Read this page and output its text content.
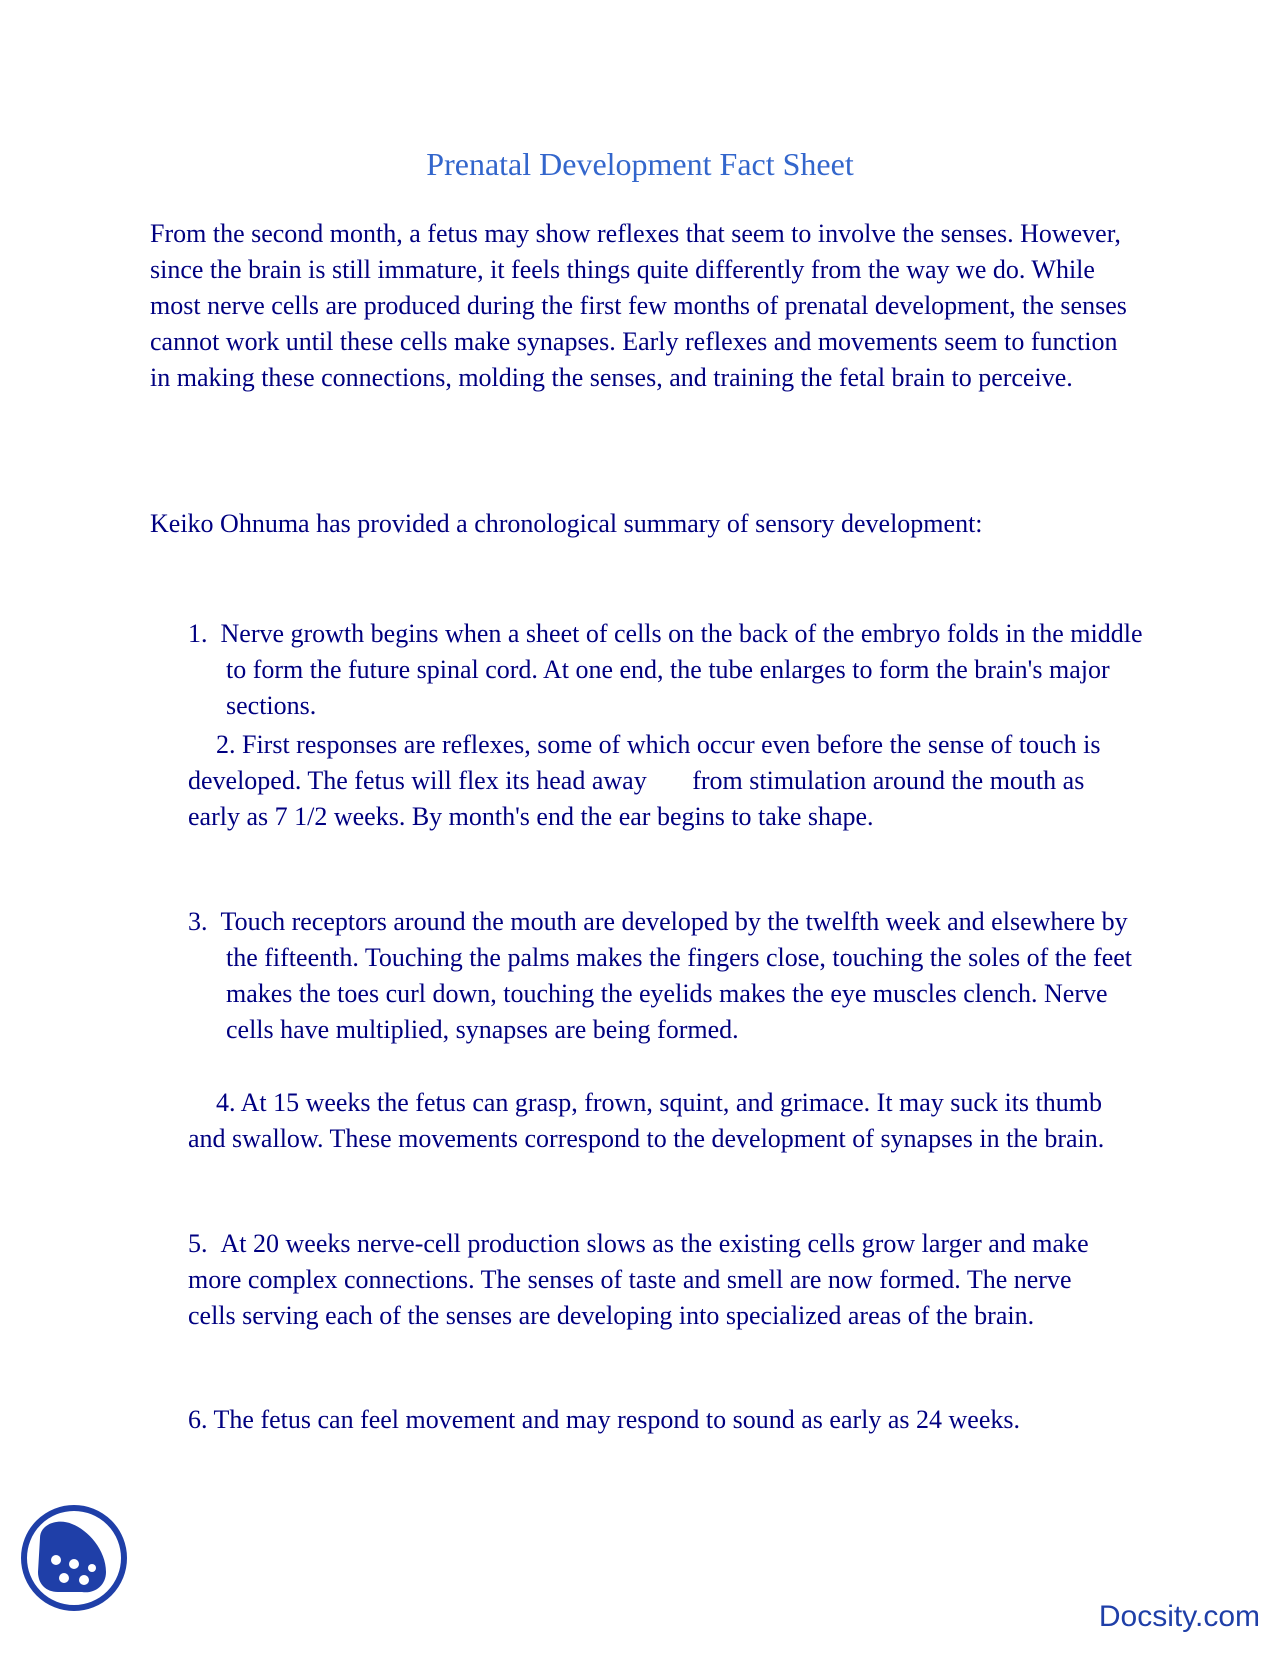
Prenatal Development Fact Sheet

From the second month, a fetus may show reflexes that seem to involve the senses. However, since the brain is still immature, it feels things quite differently from the way we do. While most nerve cells are produced during the first few months of prenatal development, the senses cannot work until these cells make synapses. Early reflexes and movements seem to function in making these connections, molding the senses, and training the fetal brain to perceive.

Keiko Ohnuma has provided a chronological summary of sensory development:

1.  Nerve growth begins when a sheet of cells on the back of the embryo folds in the middle to form the future spinal cord. At one end, the tube enlarges to form the brain's major sections.

2. First responses are reflexes, some of which occur even before the sense of touch is developed. The fetus will flex its head away       from stimulation around the mouth as early as 7 1/2 weeks. By month's end the ear begins to take shape.

3.  Touch receptors around the mouth are developed by the twelfth week and elsewhere by the fifteenth. Touching the palms makes the fingers close, touching the soles of the feet makes the toes curl down, touching the eyelids makes the eye muscles clench. Nerve cells have multiplied, synapses are being formed.

4. At 15 weeks the fetus can grasp, frown, squint, and grimace. It may suck its thumb and swallow. These movements correspond to the development of synapses in the brain.

5.  At 20 weeks nerve-cell production slows as the existing cells grow larger and make more complex connections. The senses of taste and smell are now formed. The nerve cells serving each of the senses are developing into specialized areas of the brain.

6. The fetus can feel movement and may respond to sound as early as 24 weeks.

Docsity.com
